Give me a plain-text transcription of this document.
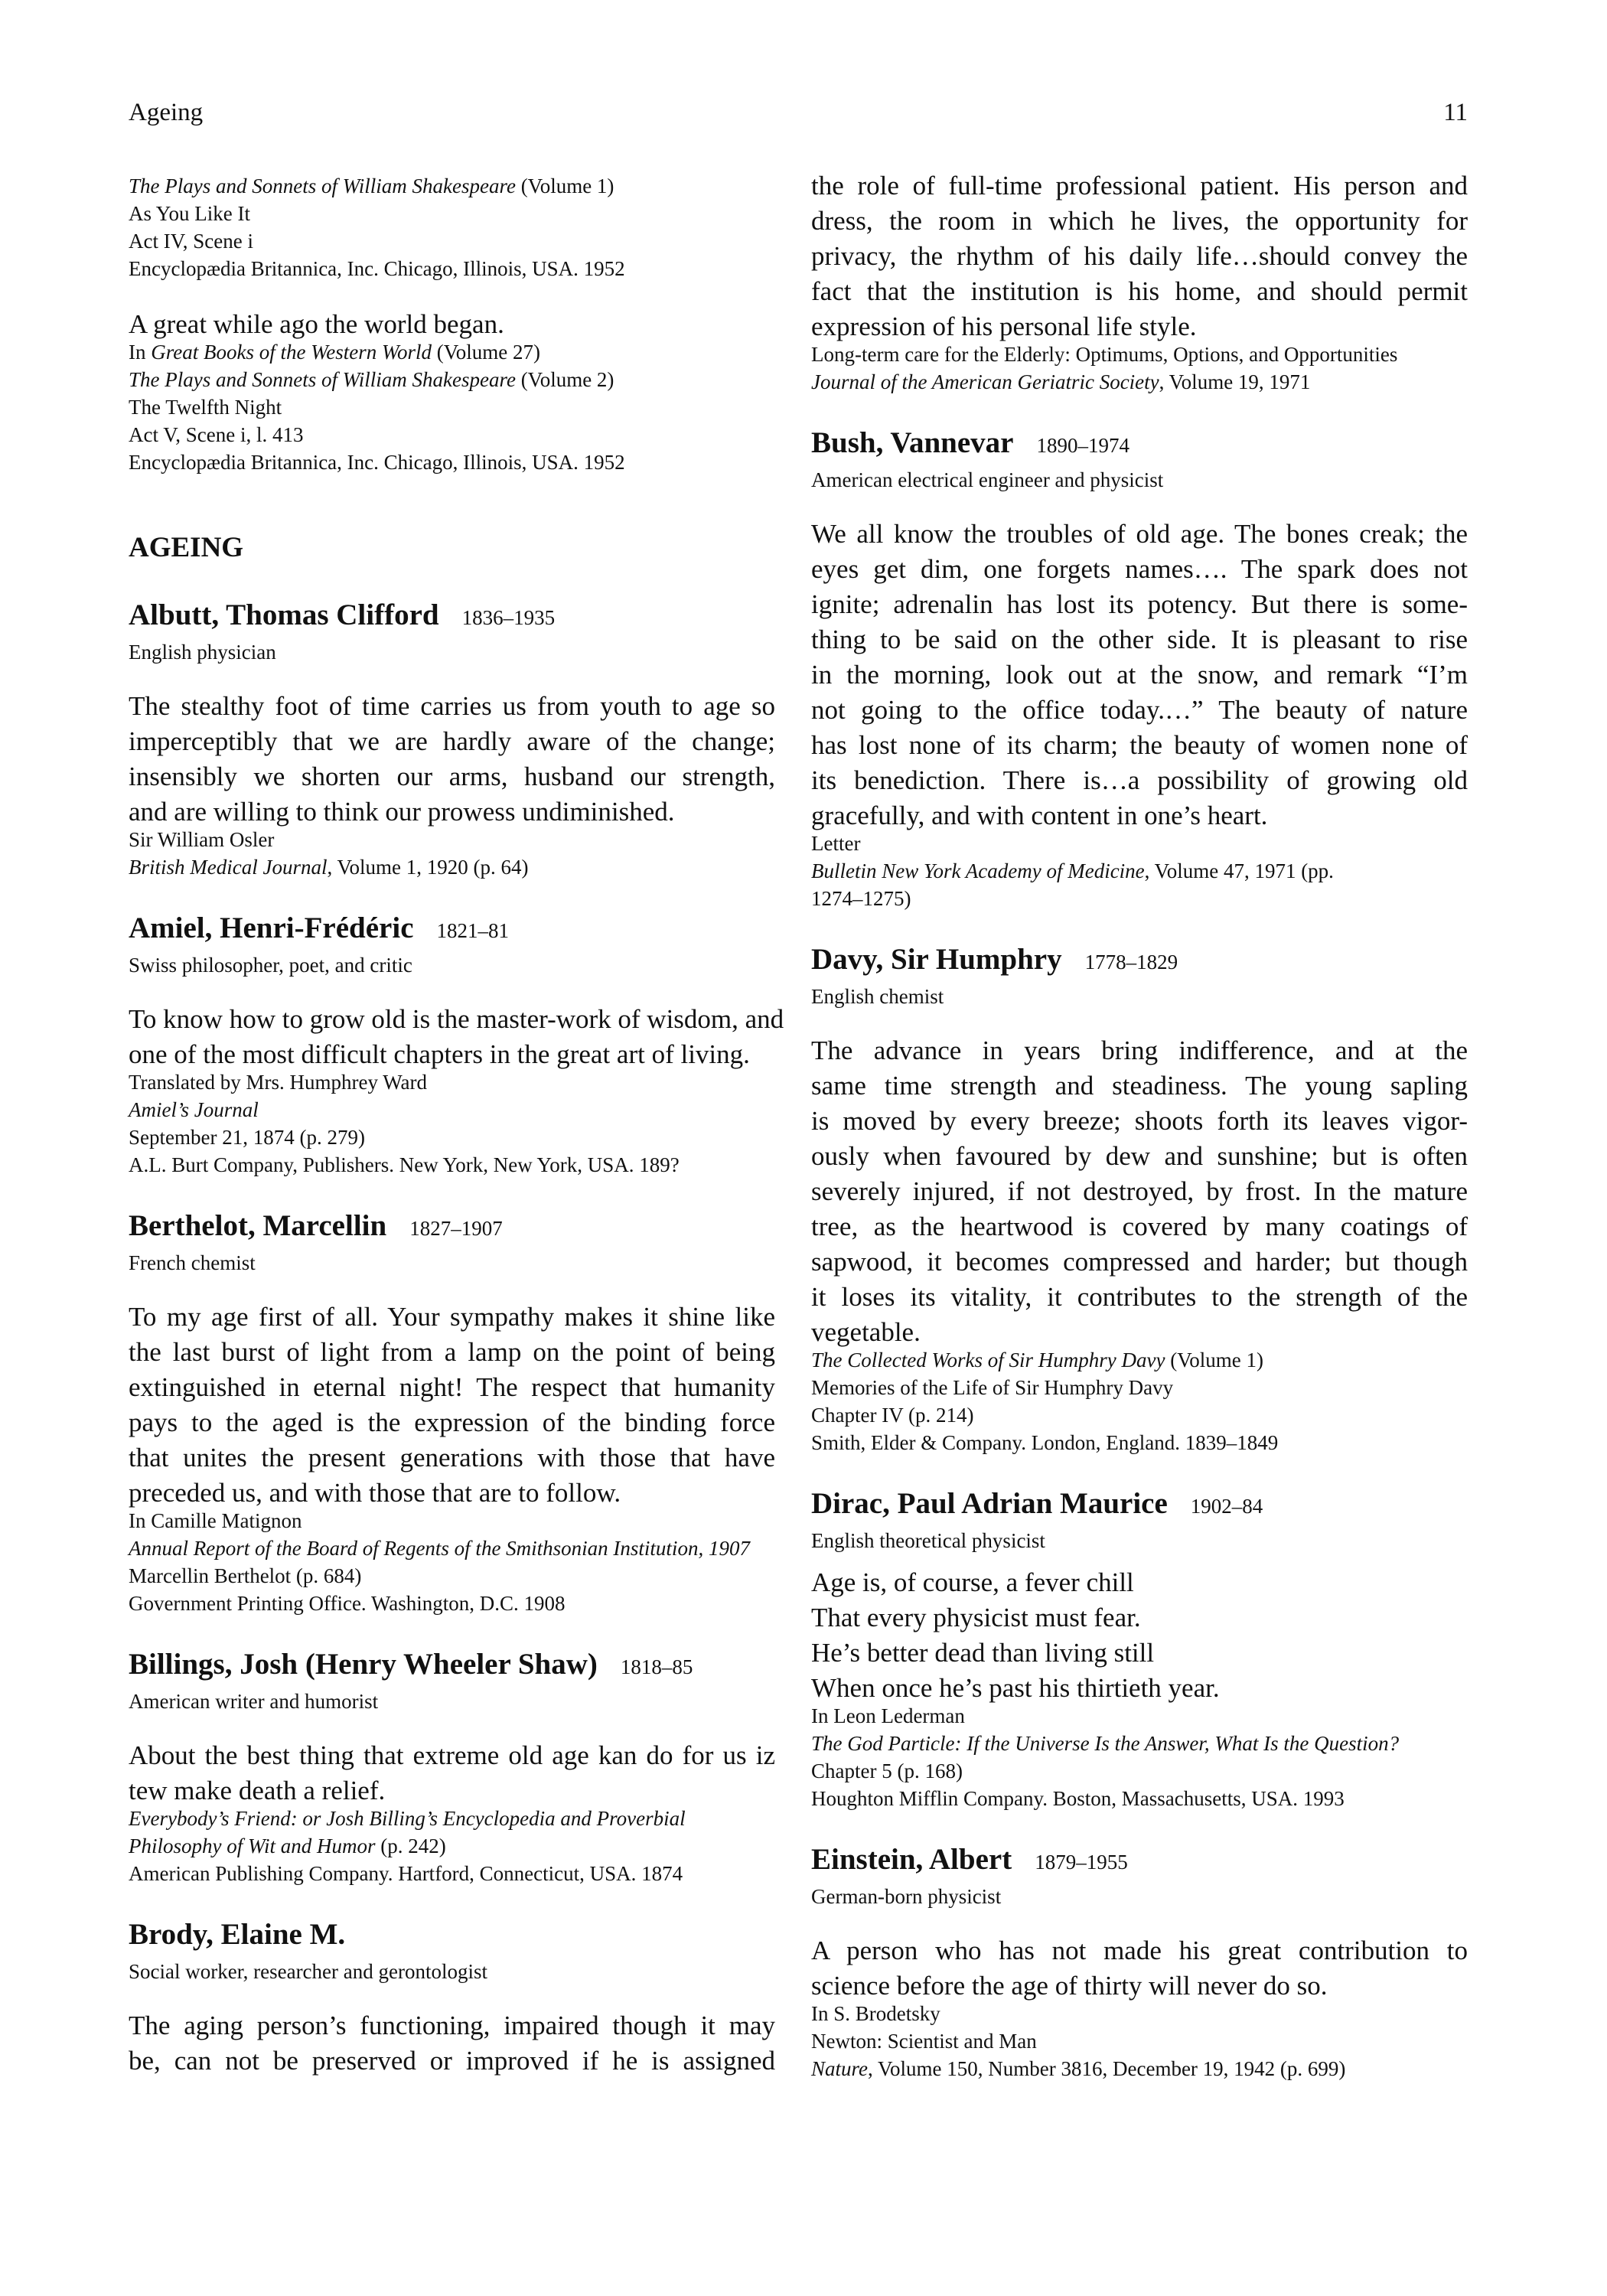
Ageing	11
The Plays and Sonnets of William Shakespeare (Volume 1)
As You Like It
Act IV, Scene i
Encyclopædia Britannica, Inc. Chicago, Illinois, USA. 1952
A great while ago the world began.
In Great Books of the Western World (Volume 27)
The Plays and Sonnets of William Shakespeare (Volume 2)
The Twelfth Night
Act V, Scene i, l. 413
Encyclopædia Britannica, Inc. Chicago, Illinois, USA. 1952
AGEING
Albutt, Thomas Clifford 1836–1935
English physician
The stealthy foot of time carries us from youth to age so
imperceptibly that we are hardly aware of the change;
insensibly we shorten our arms, husband our strength,
and are willing to think our prowess undiminished.
Sir William Osler
British Medical Journal, Volume 1, 1920 (p. 64)
Amiel, Henri-Frédéric 1821–81
Swiss philosopher, poet, and critic
To know how to grow old is the master-work of wisdom, and
one of the most difficult chapters in the great art of living.
Translated by Mrs. Humphrey Ward
Amiel’s Journal
September 21, 1874 (p. 279)
A.L. Burt Company, Publishers. New York, New York, USA. 189?
Berthelot, Marcellin 1827–1907
French chemist
To my age first of all. Your sympathy makes it shine like
the last burst of light from a lamp on the point of being
extinguished in eternal night! The respect that humanity
pays to the aged is the expression of the binding force
that unites the present generations with those that have
preceded us, and with those that are to follow.
In Camille Matignon
Annual Report of the Board of Regents of the Smithsonian Institution, 1907
Marcellin Berthelot (p. 684)
Government Printing Office. Washington, D.C. 1908
Billings, Josh (Henry Wheeler Shaw) 1818–85
American writer and humorist
About the best thing that extreme old age kan do for us iz
tew make death a relief.
Everybody’s Friend: or Josh Billing’s Encyclopedia and Proverbial
Philosophy of Wit and Humor (p. 242)
American Publishing Company. Hartford, Connecticut, USA. 1874
Brody, Elaine M.
Social worker, researcher and gerontologist
The aging person’s functioning, impaired though it may
be, can not be preserved or improved if he is assigned
the role of full-time professional patient. His person and
dress, the room in which he lives, the opportunity for
privacy, the rhythm of his daily life…should convey the
fact that the institution is his home, and should permit
expression of his personal life style.
Long-term care for the Elderly: Optimums, Options, and Opportunities
Journal of the American Geriatric Society, Volume 19, 1971
Bush, Vannevar 1890–1974
American electrical engineer and physicist
We all know the troubles of old age. The bones creak; the
eyes get dim, one forgets names…. The spark does not
ignite; adrenalin has lost its potency. But there is some-
thing to be said on the other side. It is pleasant to rise
in the morning, look out at the snow, and remark “I’m
not going to the office today.…” The beauty of nature
has lost none of its charm; the beauty of women none of
its benediction. There is…a possibility of growing old
gracefully, and with content in one’s heart.
Letter
Bulletin New York Academy of Medicine, Volume 47, 1971 (pp.
1274–1275)
Davy, Sir Humphry 1778–1829
English chemist
The advance in years bring indifference, and at the
same time strength and steadiness. The young sapling
is moved by every breeze; shoots forth its leaves vigor-
ously when favoured by dew and sunshine; but is often
severely injured, if not destroyed, by frost. In the mature
tree, as the heartwood is covered by many coatings of
sapwood, it becomes compressed and harder; but though
it loses its vitality, it contributes to the strength of the
vegetable.
The Collected Works of Sir Humphry Davy (Volume 1)
Memories of the Life of Sir Humphry Davy
Chapter IV (p. 214)
Smith, Elder & Company. London, England. 1839–1849
Dirac, Paul Adrian Maurice 1902–84
English theoretical physicist
Age is, of course, a fever chill
That every physicist must fear.
He’s better dead than living still
When once he’s past his thirtieth year.
In Leon Lederman
The God Particle: If the Universe Is the Answer, What Is the Question?
Chapter 5 (p. 168)
Houghton Mifflin Company. Boston, Massachusetts, USA. 1993
Einstein, Albert 1879–1955
German-born physicist
A person who has not made his great contribution to
science before the age of thirty will never do so.
In S. Brodetsky
Newton: Scientist and Man
Nature, Volume 150, Number 3816, December 19, 1942 (p. 699)
